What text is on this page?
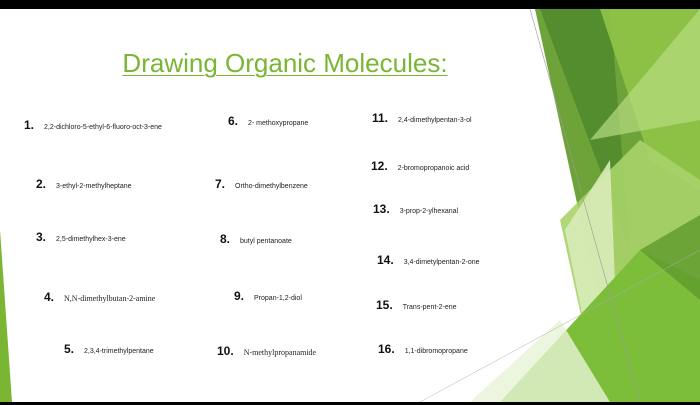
Drawing Organic Molecules:
1. 2,2-dichloro-5-ethyl-6-fluoro-oct-3-ene
2. 3-ethyl-2-methylheptane
3. 2,5-dimethylhex-3-ene
4. N,N-dimethylbutan-2-amine
5. 2,3,4-trimethylpentane
6. 2- methoxypropane
7. Ortho-dimethylbenzene
8. butyl pentanoate
9. Propan-1,2-diol
10. N-methylpropanamide
11. 2,4-dimethylpentan-3-ol
12. 2-bromopropanoic acid
13. 3-prop-2-ylhexanal
14. 3,4-dimetylpentan-2-one
15. Trans-pent-2-ene
16. 1,1-dibromopropane
